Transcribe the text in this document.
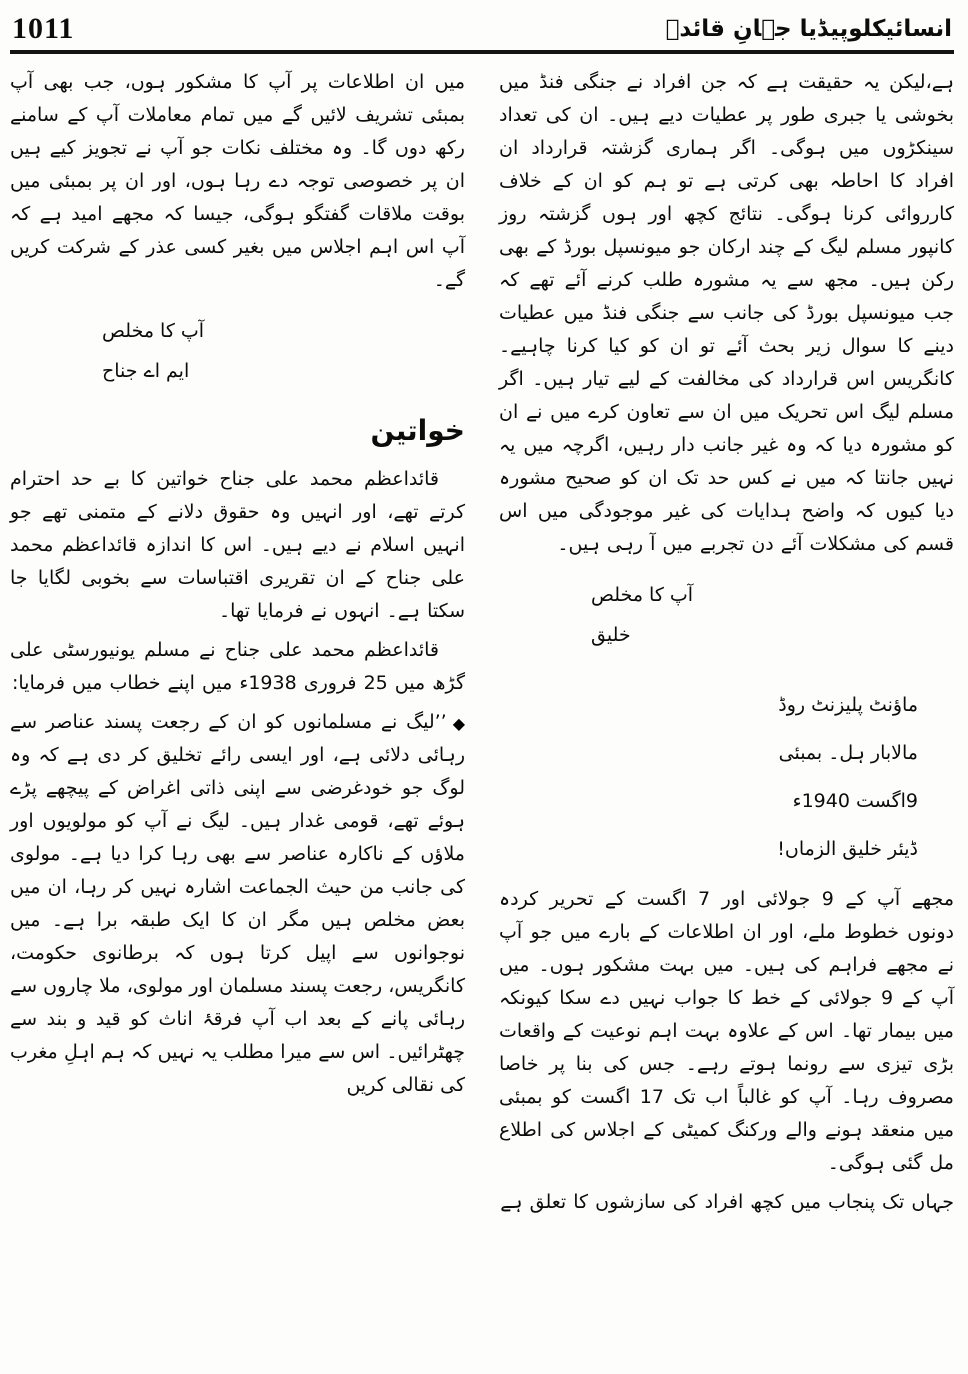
1011	انسائیکلوپیڈیا جہانِ قائدؒ

ہے،لیکن یہ حقیقت ہے کہ جن افراد نے جنگی فنڈ میں بخوشی یا جبری طور پر عطیات دیے ہیں۔ ان کی تعداد سینکڑوں میں ہوگی۔ اگر ہماری گزشتہ قرارداد ان افراد کا احاطہ بھی کرتی ہے تو ہم کو ان کے خلاف کارروائی کرنا ہوگی۔ نتائج کچھ اور ہوں گزشتہ روز کانپور مسلم لیگ کے چند ارکان جو میونسپل بورڈ کے بھی رکن ہیں۔ مجھ سے یہ مشورہ طلب کرنے آئے تھے کہ جب میونسپل بورڈ کی جانب سے جنگی فنڈ میں عطیات دینے کا سوال زیر بحث آئے تو ان کو کیا کرنا چاہیے۔ کانگریس اس قرارداد کی مخالفت کے لیے تیار ہیں۔ اگر مسلم لیگ اس تحریک میں ان سے تعاون کرے میں نے ان کو مشورہ دیا کہ وہ غیر جانب دار رہیں، اگرچہ میں یہ نہیں جانتا کہ میں نے کس حد تک ان کو صحیح مشورہ دیا کیوں کہ واضح ہدایات کی غیر موجودگی میں اس قسم کی مشکلات آئے دن تجربے میں آ رہی ہیں۔

آپ کا مخلص
خلیق
ماؤنٹ پلیزنٹ روڈ
مالابار ہل۔ بمبئی
9اگست 1940ء
ڈیئر خلیق الزماں!

مجھے آپ کے 9 جولائی اور 7 اگست کے تحریر کردہ دونوں خطوط ملے، اور ان اطلاعات کے بارے میں جو آپ نے مجھے فراہم کی ہیں۔ میں بہت مشکور ہوں۔ میں آپ کے 9 جولائی کے خط کا جواب نہیں دے سکا کیونکہ میں بیمار تھا۔ اس کے علاوہ بہت اہم نوعیت کے واقعات بڑی تیزی سے رونما ہوتے رہے۔ جس کی بنا پر خاصا مصروف رہا۔ آپ کو غالباً اب تک 17 اگست کو بمبئی میں منعقد ہونے والے ورکنگ کمیٹی کے اجلاس کی اطلاع مل گئی ہوگی۔

جہاں تک پنجاب میں کچھ افراد کی سازشوں کا تعلق ہے

میں ان اطلاعات پر آپ کا مشکور ہوں، جب بھی آپ بمبئی تشریف لائیں گے میں تمام معاملات آپ کے سامنے رکھ دوں گا۔ وہ مختلف نکات جو آپ نے تجویز کیے ہیں ان پر خصوصی توجہ دے رہا ہوں، اور ان پر بمبئی میں بوقت ملاقات گفتگو ہوگی، جیسا کہ مجھے امید ہے کہ آپ اس اہم اجلاس میں بغیر کسی عذر کے شرکت کریں گے۔

آپ کا مخلص
ایم اے جناح
خواتین

قائداعظم محمد علی جناح خواتین کا بے حد احترام کرتے تھے، اور انہیں وہ حقوق دلانے کے متمنی تھے جو انہیں اسلام نے دیے ہیں۔ اس کا اندازہ قائداعظم محمد علی جناح کے ان تقریری اقتباسات سے بخوبی لگایا جا سکتا ہے۔ انہوں نے فرمایا تھا۔

قائداعظم محمد علی جناح نے مسلم یونیورسٹی علی گڑھ میں 25 فروری 1938ء میں اپنے خطاب میں فرمایا:

◆’’لیگ نے مسلمانوں کو ان کے رجعت پسند عناصر سے رہائی دلائی ہے، اور ایسی رائے تخلیق کر دی ہے کہ وہ لوگ جو خودغرضی سے اپنی ذاتی اغراض کے پیچھے پڑے ہوئے تھے، قومی غدار ہیں۔ لیگ نے آپ کو مولویوں اور ملاؤں کے ناکارہ عناصر سے بھی رہا کرا دیا ہے۔ مولوی کی جانب من حیث الجماعت اشارہ نہیں کر رہا، ان میں بعض مخلص ہیں مگر ان کا ایک طبقہ برا ہے۔ میں نوجوانوں سے اپیل کرتا ہوں کہ برطانوی حکومت، کانگریس، رجعت پسند مسلمان اور مولوی، ملا چاروں سے رہائی پانے کے بعد اب آپ فرقۂ اناث کو قید و بند سے چھٹرائیں۔ اس سے میرا مطلب یہ نہیں کہ ہم اہلِ مغرب کی نقالی کریں
